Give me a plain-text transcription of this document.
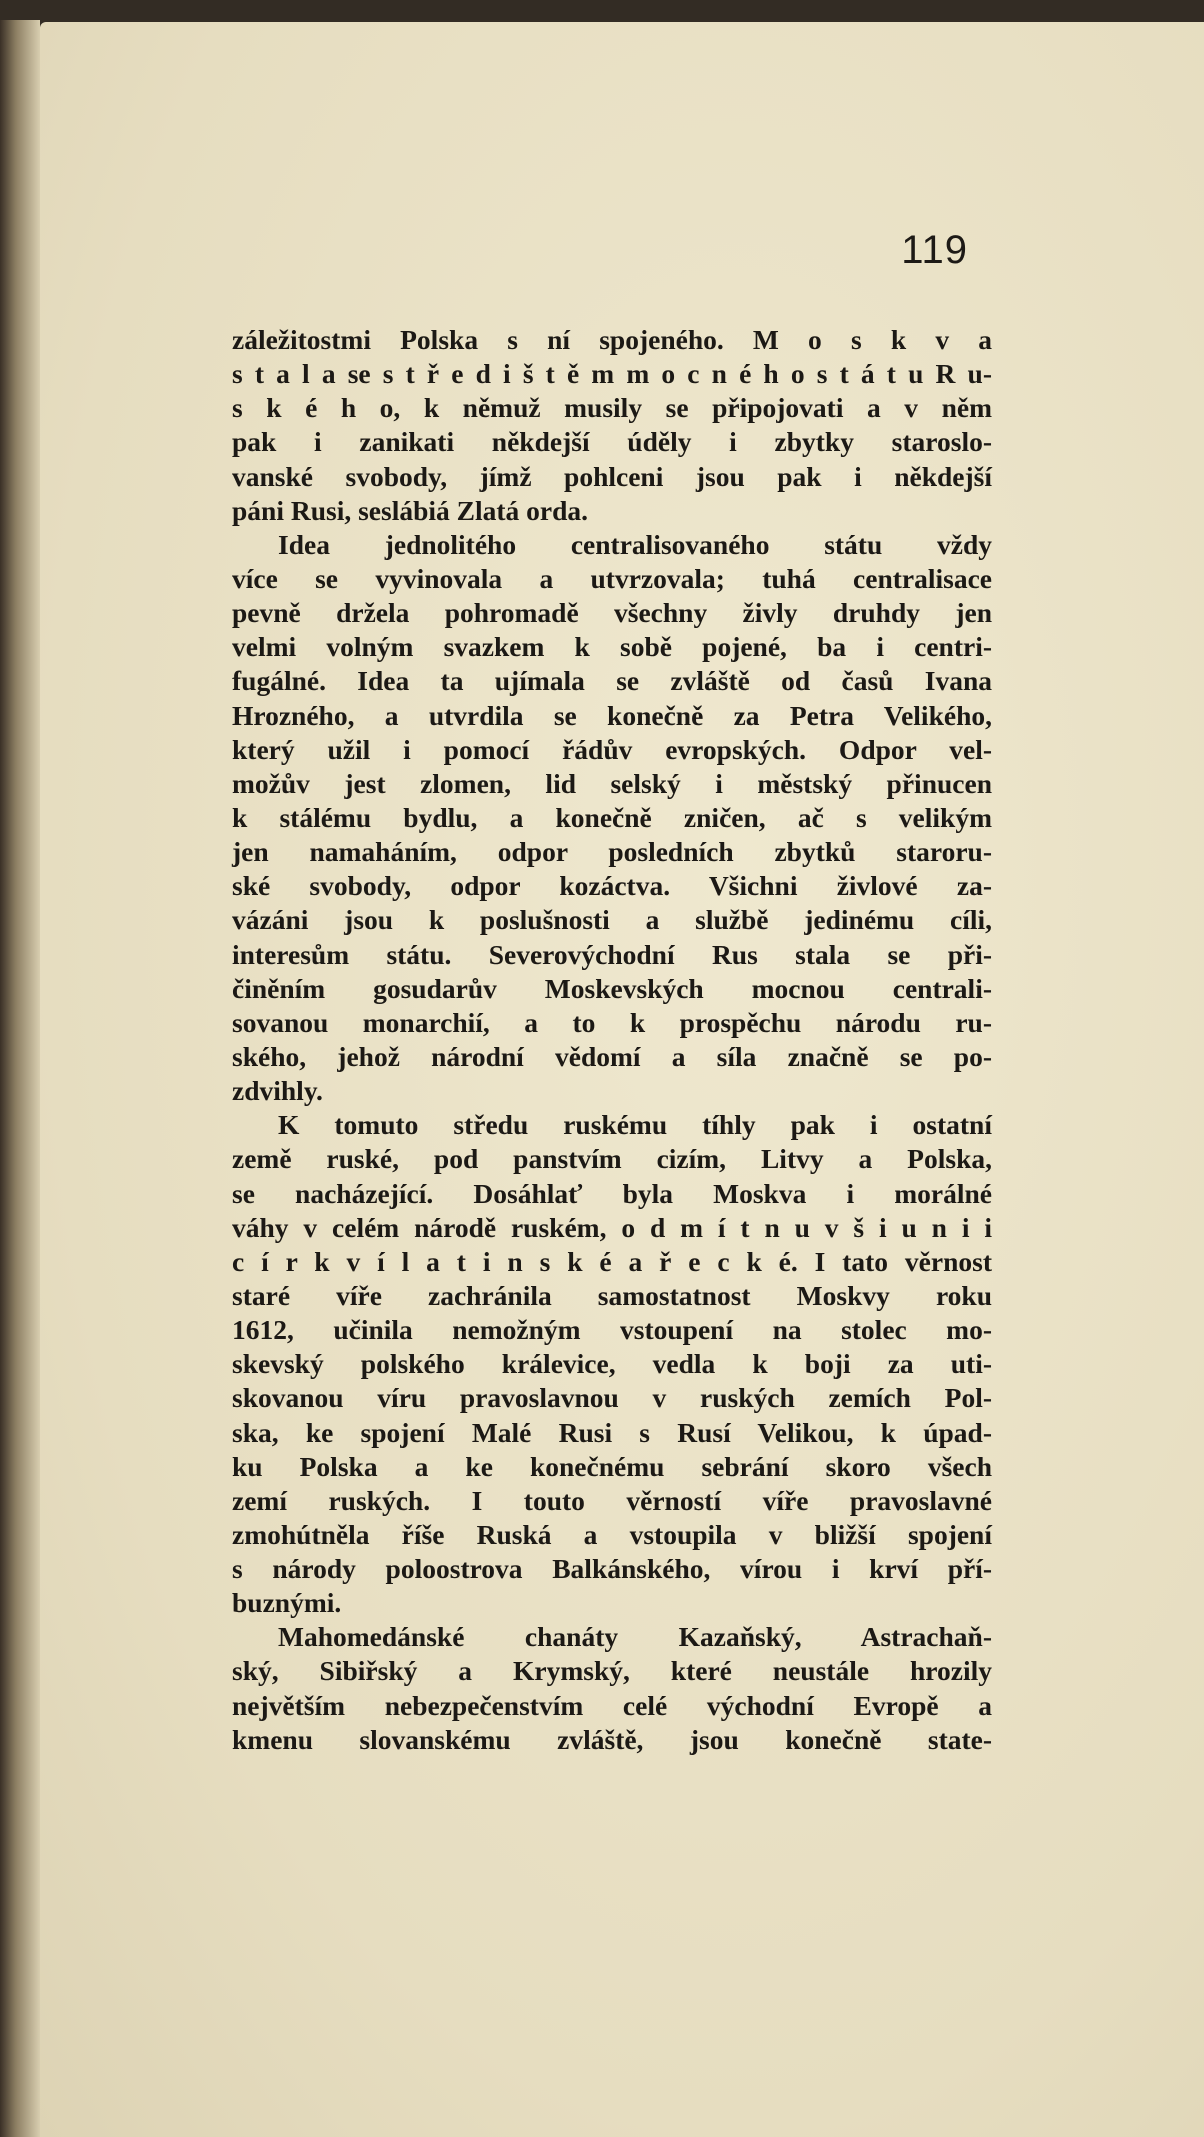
119
záležitostmi Polska s ní spojeného. M o s k v a
s t a l a se s t ř e d i š t ě m m o c n é h o s t á t u R u-
s k é h o, k němuž musily se připojovati a v něm
pak i zanikati někdejší úděly i zbytky staroslo-
vanské svobody, jímž pohlceni jsou pak i někdejší
páni Rusi, seslábiá Zlatá orda.
Idea jednolitého centralisovaného státu vždy
více se vyvinovala a utvrzovala; tuhá centralisace
pevně držela pohromadě všechny živly druhdy jen
velmi volným svazkem k sobě pojené, ba i centri-
fugálné. Idea ta ujímala se zvláště od časů Ivana
Hrozného, a utvrdila se konečně za Petra Velikého,
který užil i pomocí řádův evropských. Odpor vel-
možův jest zlomen, lid selský i městský přinucen
k stálému bydlu, a konečně zničen, ač s velikým
jen namaháním, odpor posledních zbytků staroru-
ské svobody, odpor kozáctva. Všichni živlové za-
vázáni jsou k poslušnosti a službě jedinému cíli,
interesům státu. Severovýchodní Rus stala se při-
činěním gosudarův Moskevských mocnou centrali-
sovanou monarchií, a to k prospěchu národu ru-
ského, jehož národní vědomí a síla značně se po-
zdvihly.
K tomuto středu ruskému tíhly pak i ostatní
země ruské, pod panstvím cizím, Litvy a Polska,
se nacházející. Dosáhlať byla Moskva i morálné
váhy v celém národě ruském, o d m í t n u v š i u n i i
c í r k v í l a t i n s k é a ř e c k é. I tato věrnost
staré víře zachránila samostatnost Moskvy roku
1612, učinila nemožným vstoupení na stolec mo-
skevský polského králevice, vedla k boji za uti-
skovanou víru pravoslavnou v ruských zemích Pol-
ska, ke spojení Malé Rusi s Rusí Velikou, k úpad-
ku Polska a ke konečnému sebrání skoro všech
zemí ruských. I touto věrností víře pravoslavné
zmohútněla říše Ruská a vstoupila v bližší spojení
s národy poloostrova Balkánského, vírou i krví pří-
buznými.
Mahomedánské chanáty Kazaňský, Astrachaň-
ský, Sibiřský a Krymský, které neustále hrozily
největším nebezpečenstvím celé východní Evropě a
kmenu slovanskému zvláště, jsou konečně state-
